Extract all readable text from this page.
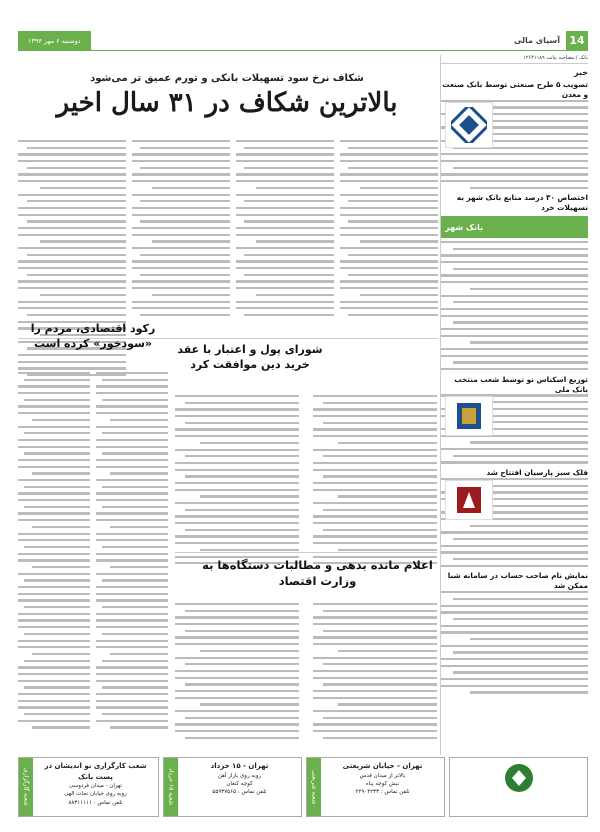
14
آسیای مالی
دوشنبه ۶ مهر ۱۳۹۴
شکاف نرخ سود تسهیلات بانکی و تورم عمیق تر می‌شود
بالاترین شکاف در ۳۱ سال اخیر
بانک / مصاحبه بیانت ۱۲۶۴۱۱۸۹
خبر
تصویب ۵ طرح صنعتی توسط بانک صنعت و معدن
اختصاص ۳۰ درصد منابع بانک شهر به تسهیلات خرد
بانک شهر
توزیع اسکناس نو توسط شعب منتخب بانک ملی
فلک سبز پارسیان افتتاح شد
نمایش نام صاحب حساب در سامانه شبا ممکن شد
شورای پول و اعتبار با عقد خرید دین موافقت کرد
رکود اقتصادی، مردم را «سودخور» کرده است
اعلام مانده بدهی و مطالبات دستگاه‌ها به وزارت اقتصاد
تهران - خیابان شریعتی
بالاتر از میدان قدس
نبش کوچه پناه
تلفن تماس : ۲۲۹۰۴۲۳۳
شعبه شریعتی
تهران - ۱۵ خرداد
روبه روی بازار آهن
کوچه کنعان
تلفن تماس : ۵۵۹۳۷۵۶۵
شعبه ۱۵ خرداد
شعب کارگزاری نو اندیشان در پست بانک
تهران - میدان فردوسی
روبه روی خیابان نجات الهی
تلفن تماس : ۸۸۳۱۱۱۱۱
شعبه گارگزاری
